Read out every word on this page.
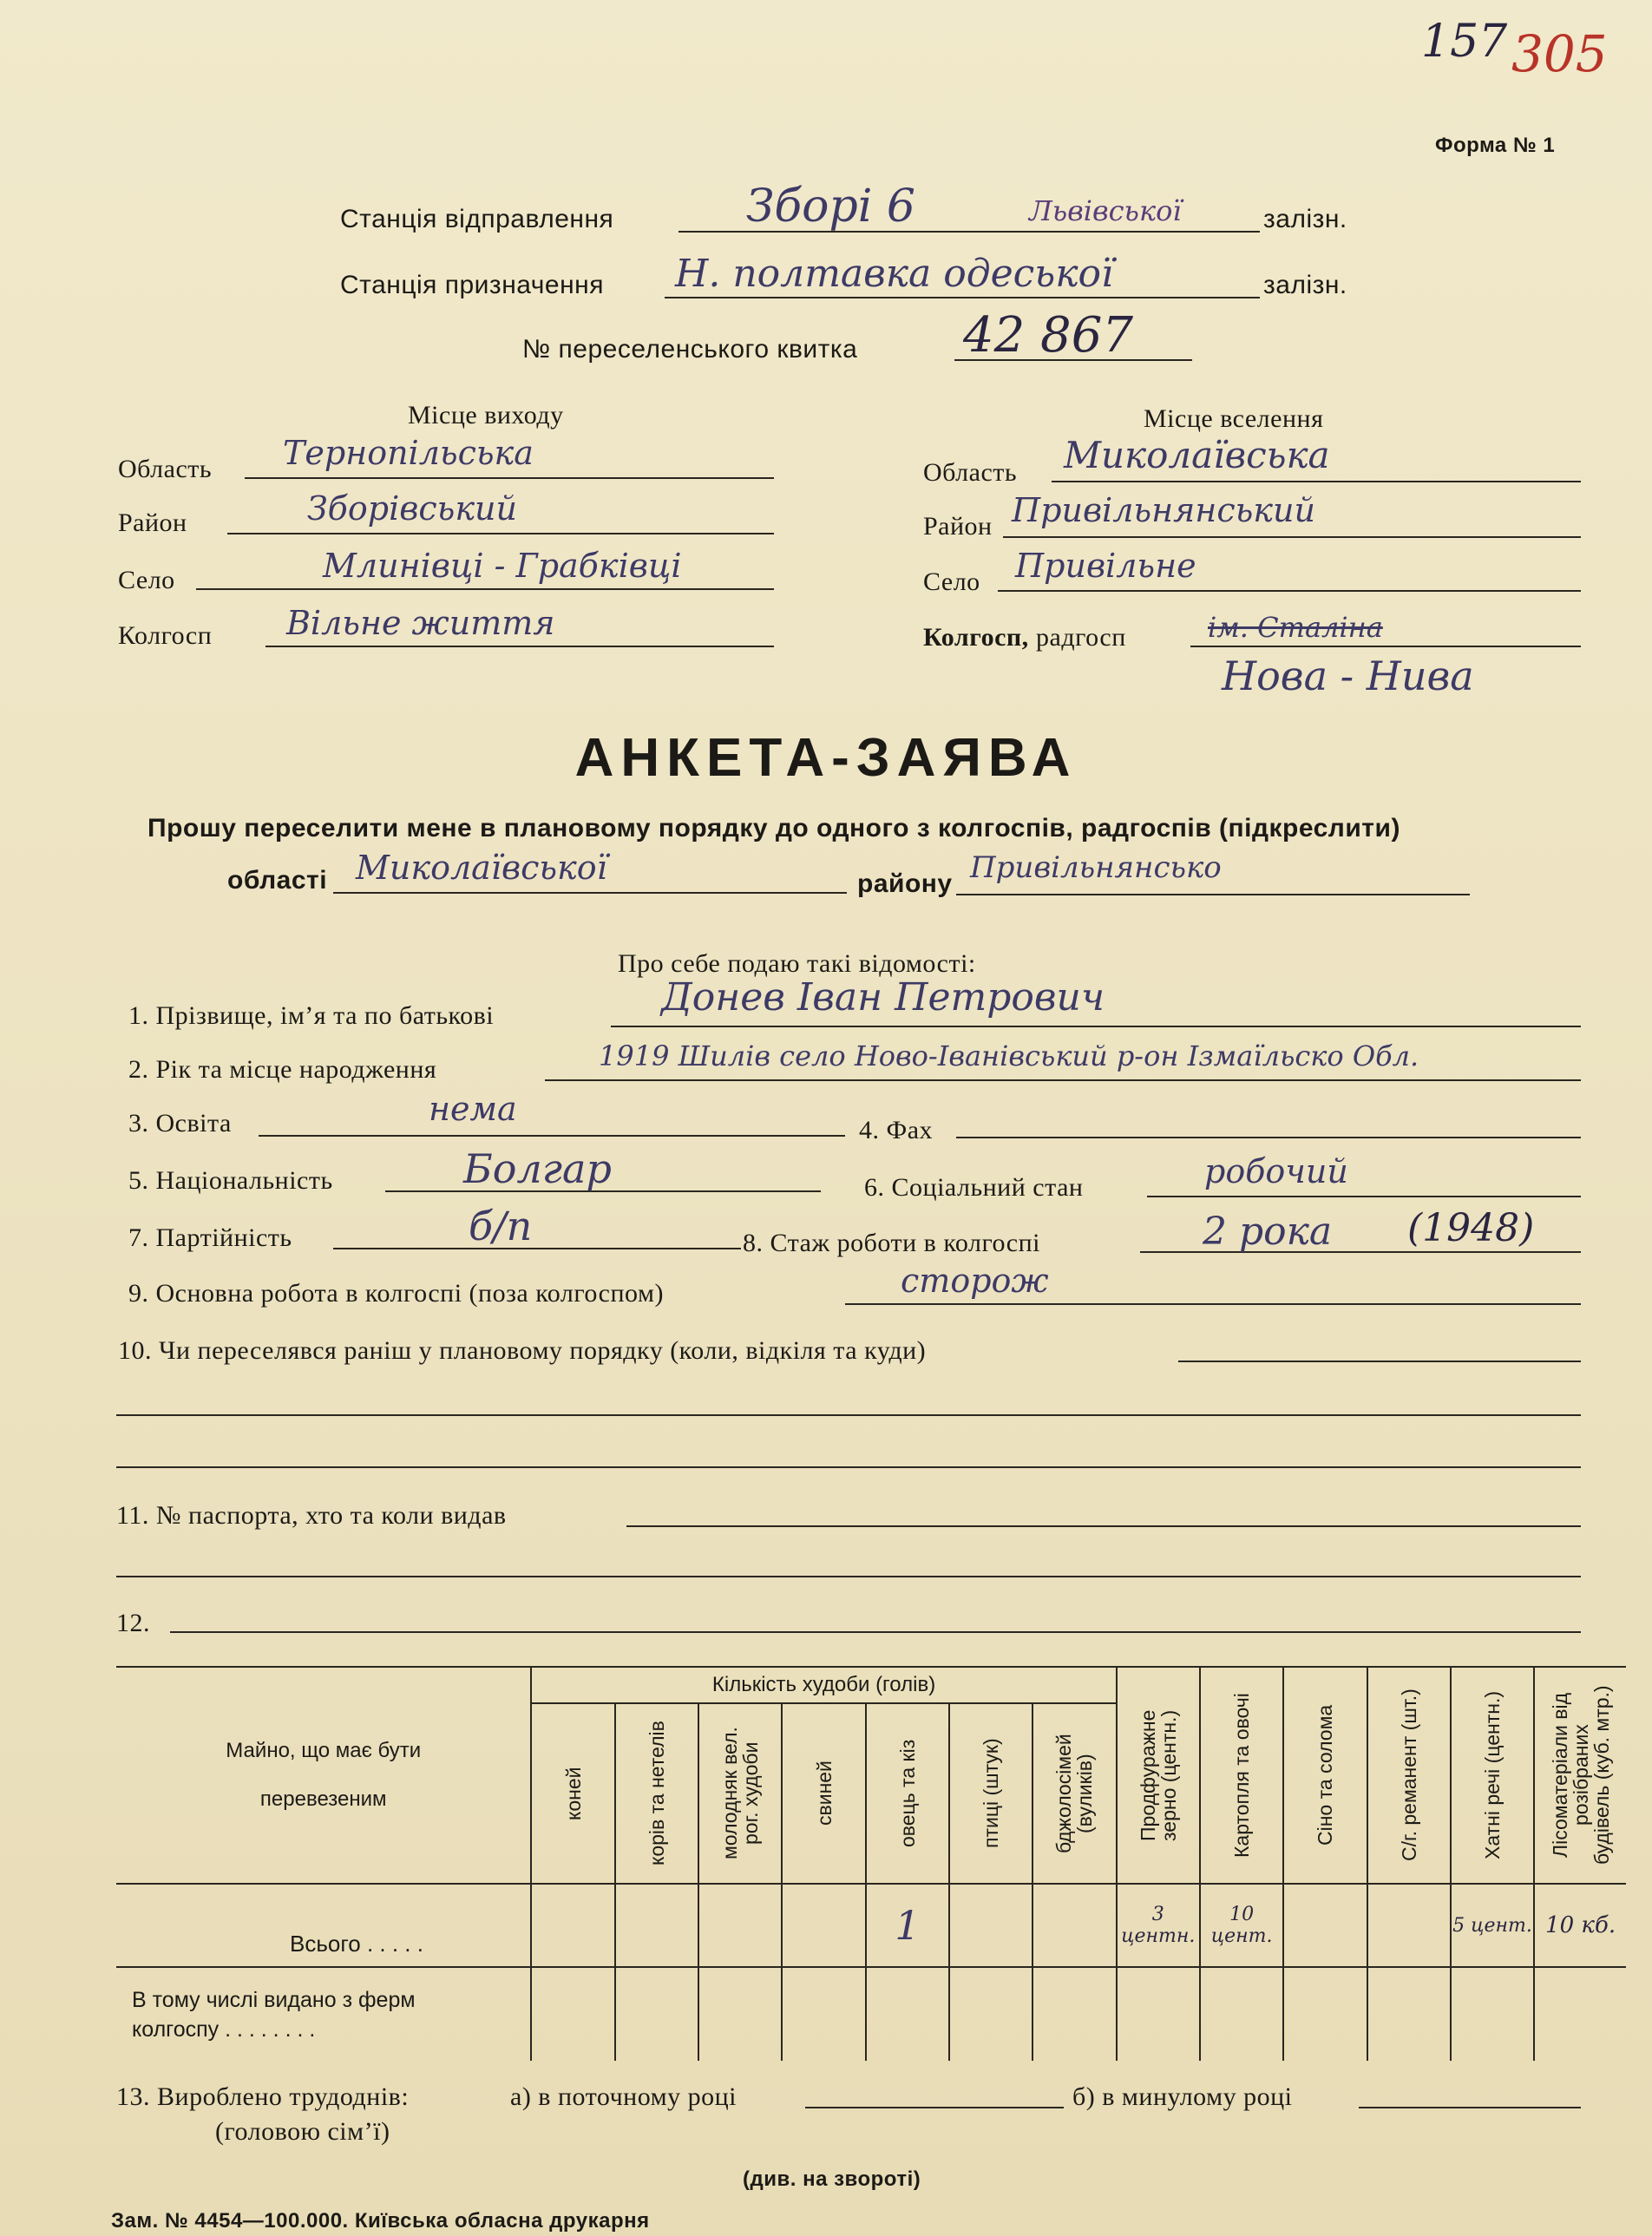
157 305
Форма № 1
Станція відправлення	Зборі 6	Львівської	залізн.
Станція призначення Н. полтавка одеської	залізн.
№ переселенського квитка 42 867
Місце виходу
Область Тернопільська
Район	Зборівський
Село	Млинівці - Грабківці
Колгосп Вільне життя
Місце вселення
Область Миколаївська
Район Привільнянський
Село Привільне
Колгосп, радгосп	ім. Сталіна
Нова - Нива
АНКЕТА-ЗАЯВА
Прошу переселити мене в плановому порядку до одного з колгоспів, радгоспів (підкреслити)
області Миколаївської	району Привільнянсько
Про себе подаю такі відомості:
1. Прізвище, ім’я та по батькові	Донев Іван Петрович
2. Рік та місце народження	1919 Шилів село Ново-Іванівський р-он Ізмаїльско Обл.
3. Освіта	нема
4. Фах
5. Національність	Болгар	6. Соціальний стан	робочий
7. Партійність	б/п	8. Стаж роботи в колгоспі	2 рока (1948)
9. Основна робота в колгоспі (поза колгоспом)	сторож
10. Чи переселявся раніш у плановому порядку (коли, відкіля та куди)
11. № паспорта, хто та коли видав
12.
Майно, що має бути перевезеним	Кількість худоби (голів)							Продфуражне зерно (центн.)	Картопля та овочі	Сіно та солома	С/г. реманент (шт.)	Хатні речі (центн.)	Лісоматеріали від розібраних будівель (куб. мтр.)

	коней	корів та нетелів	молодняк вел. рог. худоби	свиней	овець та кіз	птиці (штук)	бджолосімей (вуликів)						

Всього . . . . .					1			3 центн.	10 цент.			5 цент.	10 кб.

В тому числі видано з ферм колгоспу . . . . . . . .													

13. Вироблено трудоднів:
(головою сім’ї)
а) в поточному році	б) в минулому році
(див. на звороті)
Зам. № 4454—100.000. Київська обласна друкарня
